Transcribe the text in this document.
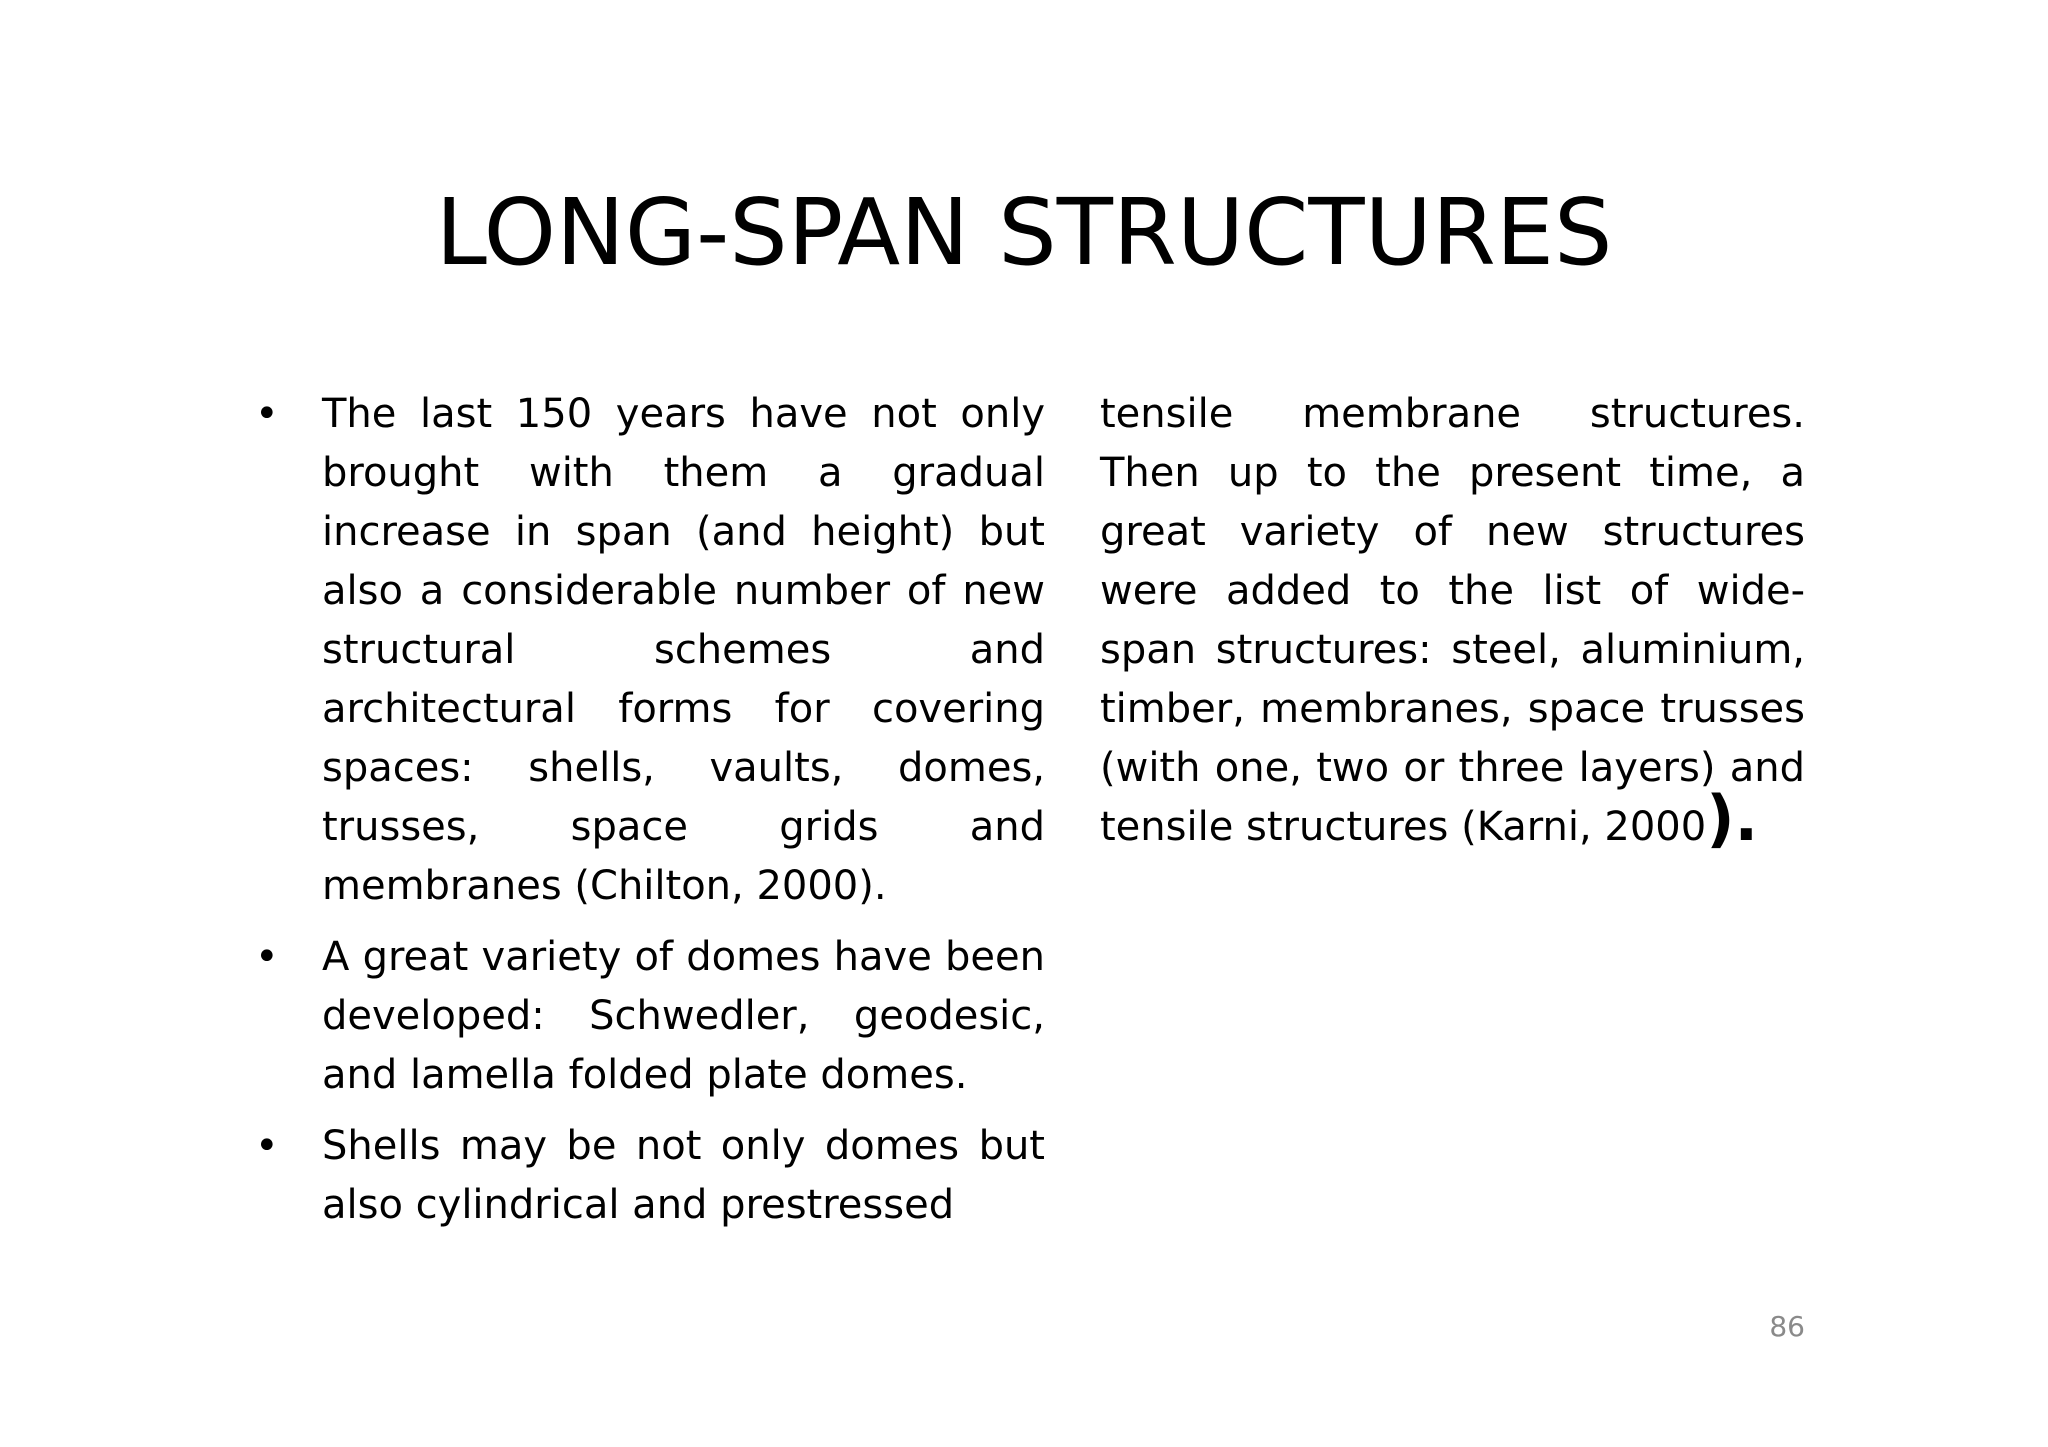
LONG-SPAN STRUCTURES
• The last 150 years have not only brought with them a gradual increase in span (and height) but also a considerable number of new structural schemes and architectural forms for covering spaces: shells, vaults, domes, trusses, space grids and membranes (Chilton, 2000).
• A great variety of domes have been developed: Schwedler, geodesic, and lamella folded plate domes.
• Shells may be not only domes but also cylindrical and prestressed
tensile membrane structures. Then up to the present time, a great variety of new structures were added to the list of wide-span structures: steel, aluminium, timber, membranes, space trusses (with one, two or three layers) and tensile structures (Karni, 2000).
86
